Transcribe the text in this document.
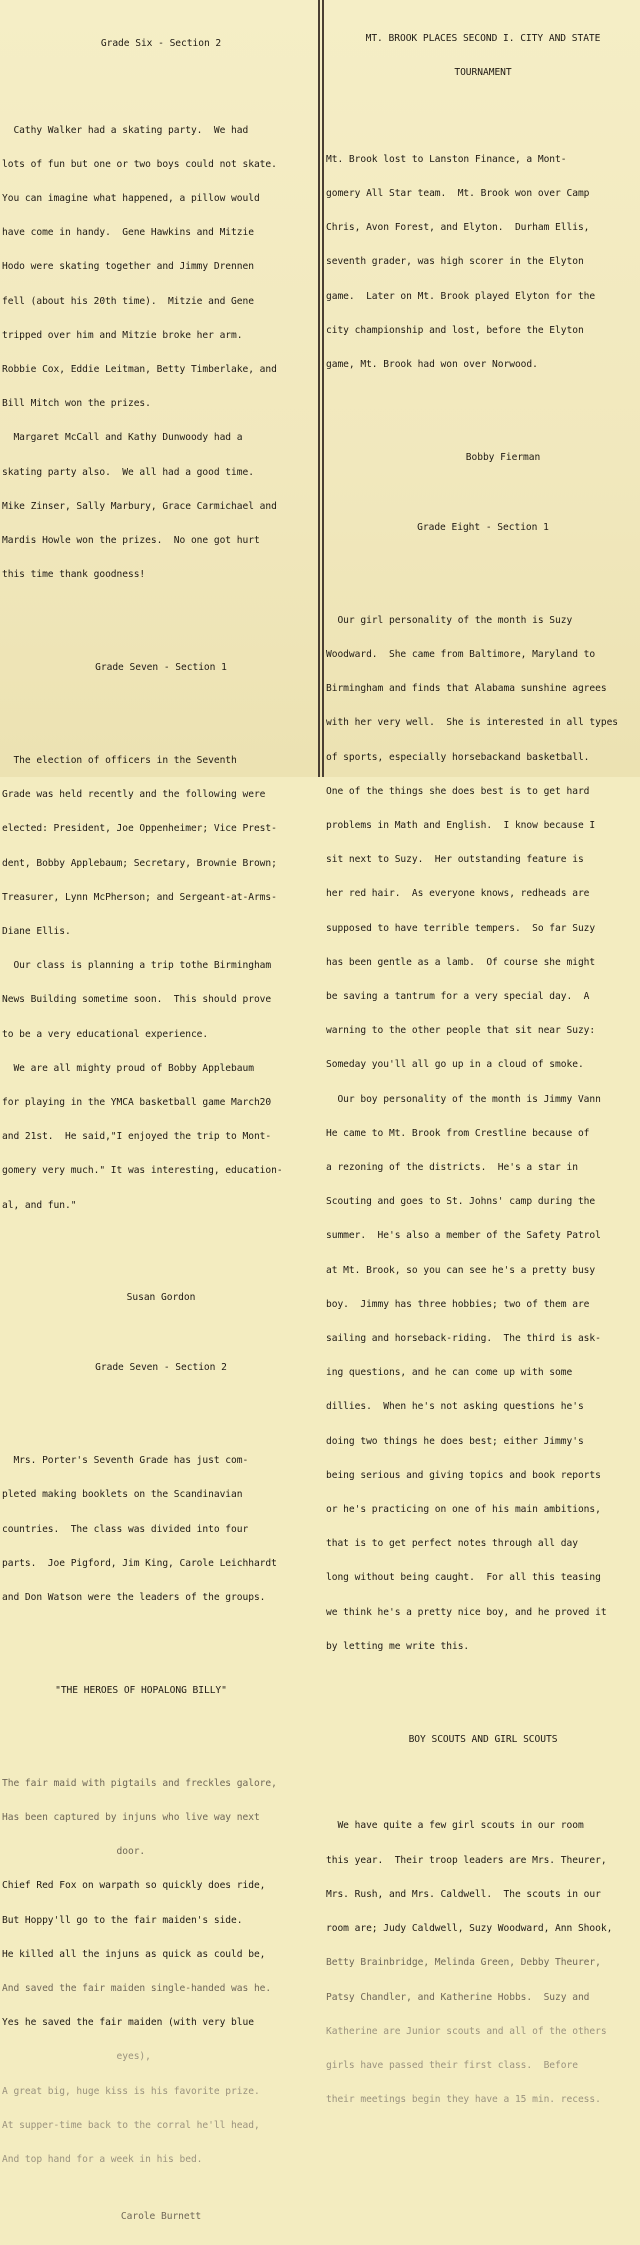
Grade Six - Section 2

Cathy Walker had a skating party.  We had

lots of fun but one or two boys could not skate.

You can imagine what happened, a pillow would

have come in handy.  Gene Hawkins and Mitzie

Hodo were skating together and Jimmy Drennen

fell (about his 20th time).  Mitzie and Gene

tripped over him and Mitzie broke her arm.

Robbie Cox, Eddie Leitman, Betty Timberlake, and

Bill Mitch won the prizes.

Margaret McCall and Kathy Dunwoody had a

skating party also.  We all had a good time.

Mike Zinser, Sally Marbury, Grace Carmichael and

Mardis Howle won the prizes.  No one got hurt

this time thank goodness!

Grade Seven - Section 1

The election of officers in the Seventh

Grade was held recently and the following were

elected: President, Joe Oppenheimer; Vice Prest-

dent, Bobby Applebaum; Secretary, Brownie Brown;

Treasurer, Lynn McPherson; and Sergeant-at-Arms-

Diane Ellis.

Our class is planning a trip tothe Birmingham

News Building sometime soon.  This should prove

to be a very educational experience.

We are all mighty proud of Bobby Applebaum

for playing in the YMCA basketball game March20

and 21st.  He said,"I enjoyed the trip to Mont-

gomery very much." It was interesting, education-

al, and fun."

Susan Gordon

Grade Seven - Section 2

Mrs. Porter's Seventh Grade has just com-

pleted making booklets on the Scandinavian

countries.  The class was divided into four

parts.  Joe Pigford, Jim King, Carole Leichhardt

and Don Watson were the leaders of the groups.

"THE HEROES OF HOPALONG BILLY"

The fair maid with pigtails and freckles galore,

Has been captured by injuns who live way next

door.

Chief Red Fox on warpath so quickly does ride,

But Hoppy'll go to the fair maiden's side.

He killed all the injuns as quick as could be,

And saved the fair maiden single-handed was he.

Yes he saved the fair maiden (with very blue

eyes),

A great big, huge kiss is his favorite prize.

At supper-time back to the corral he'll head,

And top hand for a week in his bed.

Carole Burnett

MT. BROOK PLACES SECOND I. CITY AND STATE

TOURNAMENT

Mt. Brook lost to Lanston Finance, a Mont-

gomery All Star team.  Mt. Brook won over Camp

Chris, Avon Forest, and Elyton.  Durham Ellis,

seventh grader, was high scorer in the Elyton

game.  Later on Mt. Brook played Elyton for the

city championship and lost, before the Elyton

game, Mt. Brook had won over Norwood.

Bobby Fierman

Grade Eight - Section 1

Our girl personality of the month is Suzy

Woodward.  She came from Baltimore, Maryland to

Birmingham and finds that Alabama sunshine agrees

with her very well.  She is interested in all types

of sports, especially horsebackand basketball.

One of the things she does best is to get hard

problems in Math and English.  I know because I

sit next to Suzy.  Her outstanding feature is

her red hair.  As everyone knows, redheads are

supposed to have terrible tempers.  So far Suzy

has been gentle as a lamb.  Of course she might

be saving a tantrum for a very special day.  A

warning to the other people that sit near Suzy:

Someday you'll all go up in a cloud of smoke.

Our boy personality of the month is Jimmy Vann

He came to Mt. Brook from Crestline because of

a rezoning of the districts.  He's a star in

Scouting and goes to St. Johns' camp during the

summer.  He's also a member of the Safety Patrol

at Mt. Brook, so you can see he's a pretty busy

boy.  Jimmy has three hobbies; two of them are

sailing and horseback-riding.  The third is ask-

ing questions, and he can come up with some

dillies.  When he's not asking questions he's

doing two things he does best; either Jimmy's

being serious and giving topics and book reports

or he's practicing on one of his main ambitions,

that is to get perfect notes through all day

long without being caught.  For all this teasing

we think he's a pretty nice boy, and he proved it

by letting me write this.

BOY SCOUTS AND GIRL SCOUTS

We have quite a few girl scouts in our room

this year.  Their troop leaders are Mrs. Theurer,

Mrs. Rush, and Mrs. Caldwell.  The scouts in our

room are; Judy Caldwell, Suzy Woodward, Ann Shook,

Betty Brainbridge, Melinda Green, Debby Theurer,

Patsy Chandler, and Katherine Hobbs.  Suzy and

Katherine are Junior scouts and all of the others

girls have passed their first class.  Before

their meetings begin they have a 15 min. recess.
